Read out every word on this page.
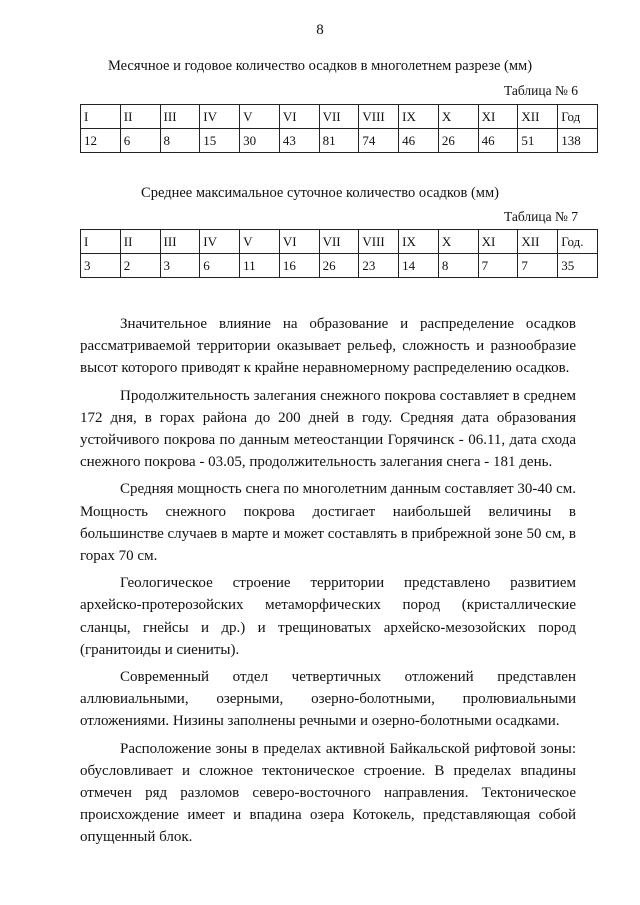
8
Месячное и годовое количество осадков в многолетнем разрезе (мм)
Таблица № 6
I	II	III	IV	V	VI	VII	VIII	IX	X	XI	XII	Год
12	6	8	15	30	43	81	74	46	26	46	51	138
Среднее максимальное суточное количество осадков (мм)
Таблица № 7
I	II	III	IV	V	VI	VII	VIII	IX	X	XI	XII	Год.
3	2	3	6	11	16	26	23	14	8	7	7	35

Значительное влияние на образование и распределение осадков рассматриваемой территории оказывает рельеф, сложность и разнообразие высот которого приводят к крайне неравномерному распределению осадков.

Продолжительность залегания снежного покрова составляет в среднем 172 дня, в горах района до 200 дней в году. Средняя дата образования устойчивого покрова по данным метеостанции Горячинск - 06.11, дата схода снежного покрова - 03.05, продолжительность залегания снега - 181 день.

Средняя мощность снега по многолетним данным составляет 30-40 см. Мощность снежного покрова достигает наибольшей величины в большинстве случаев в марте и может составлять в прибрежной зоне 50 см, в горах 70 см.

Геологическое строение территории представлено развитием архейско-протерозойских метаморфических пород (кристаллические сланцы, гнейсы и др.) и трещиноватых архейско-мезозойских пород (гранитоиды и сиениты).

Современный отдел четвертичных отложений представлен аллювиальными, озерными, озерно-болотными, пролювиальными отложениями. Низины заполнены речными и озерно-болотными осадками.

Расположение зоны в пределах активной Байкальской рифтовой зоны: обусловливает и сложное тектоническое строение. В пределах впадины отмечен ряд разломов северо-восточного направления. Тектоническое происхождение имеет и впадина озера Котокель, представляющая собой опущенный блок.
